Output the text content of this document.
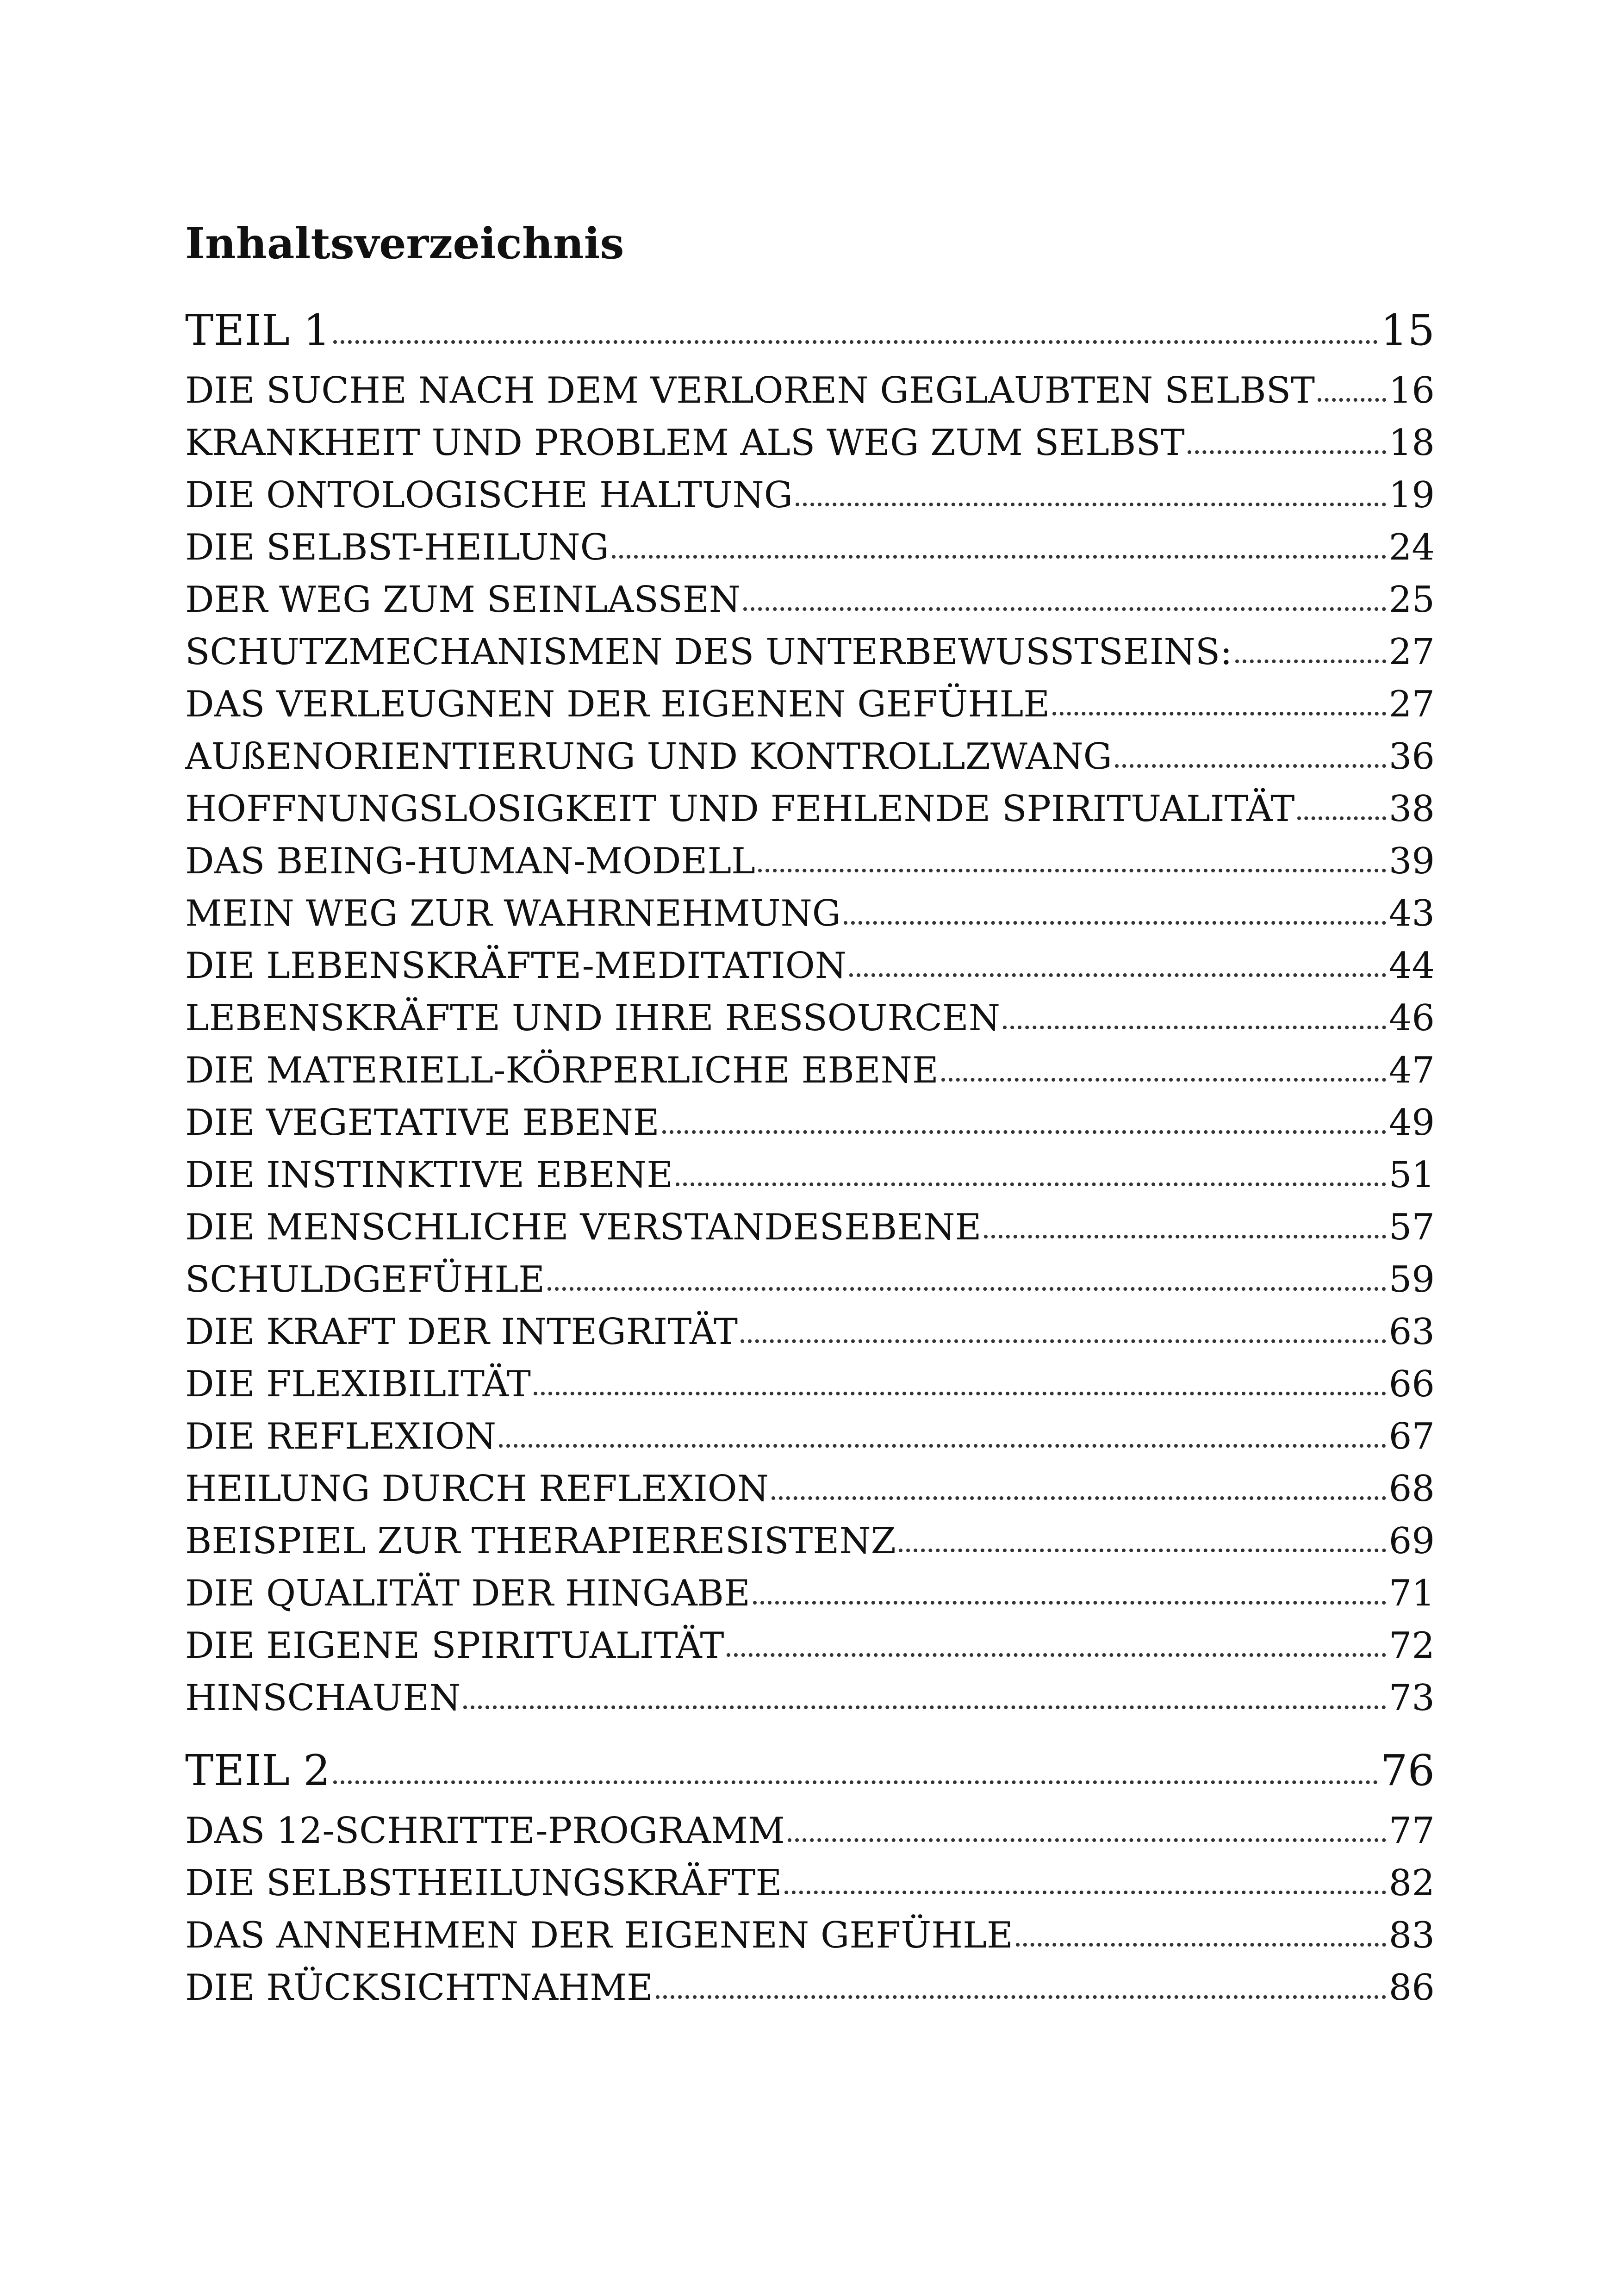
Inhaltsverzeichnis
TEIL 1	15
DIE SUCHE NACH DEM VERLOREN GEGLAUBTEN SELBST 16
KRANKHEIT UND PROBLEM ALS WEG ZUM SELBST	18
DIE ONTOLOGISCHE HALTUNG	19
DIE SELBST-HEILUNG	24
DER WEG ZUM SEINLASSEN	25
SCHUTZMECHANISMEN DES UNTERBEWUSSTSEINS:	27
DAS VERLEUGNEN DER EIGENEN GEFÜHLE	27
AUßENORIENTIERUNG UND KONTROLLZWANG	36
HOFFNUNGSLOSIGKEIT UND FEHLENDE SPIRITUALITÄT	38
DAS BEING-HUMAN-MODELL	39
MEIN WEG ZUR WAHRNEHMUNG	43
DIE LEBENSKRÄFTE-MEDITATION	44
LEBENSKRÄFTE UND IHRE RESSOURCEN	46
DIE MATERIELL-KÖRPERLICHE EBENE	47
DIE VEGETATIVE EBENE	49
DIE INSTINKTIVE EBENE	51
DIE MENSCHLICHE VERSTANDESEBENE	57
SCHULDGEFÜHLE	59
DIE KRAFT DER INTEGRITÄT	63
DIE FLEXIBILITÄT	66
DIE REFLEXION	67
HEILUNG DURCH REFLEXION	68
BEISPIEL ZUR THERAPIERESISTENZ	69
DIE QUALITÄT DER HINGABE	71
DIE EIGENE SPIRITUALITÄT	72
HINSCHAUEN	73
TEIL 2	76
DAS 12-SCHRITTE-PROGRAMM	77
DIE SELBSTHEILUNGSKRÄFTE	82
DAS ANNEHMEN DER EIGENEN GEFÜHLE	83
DIE RÜCKSICHTNAHME	86
